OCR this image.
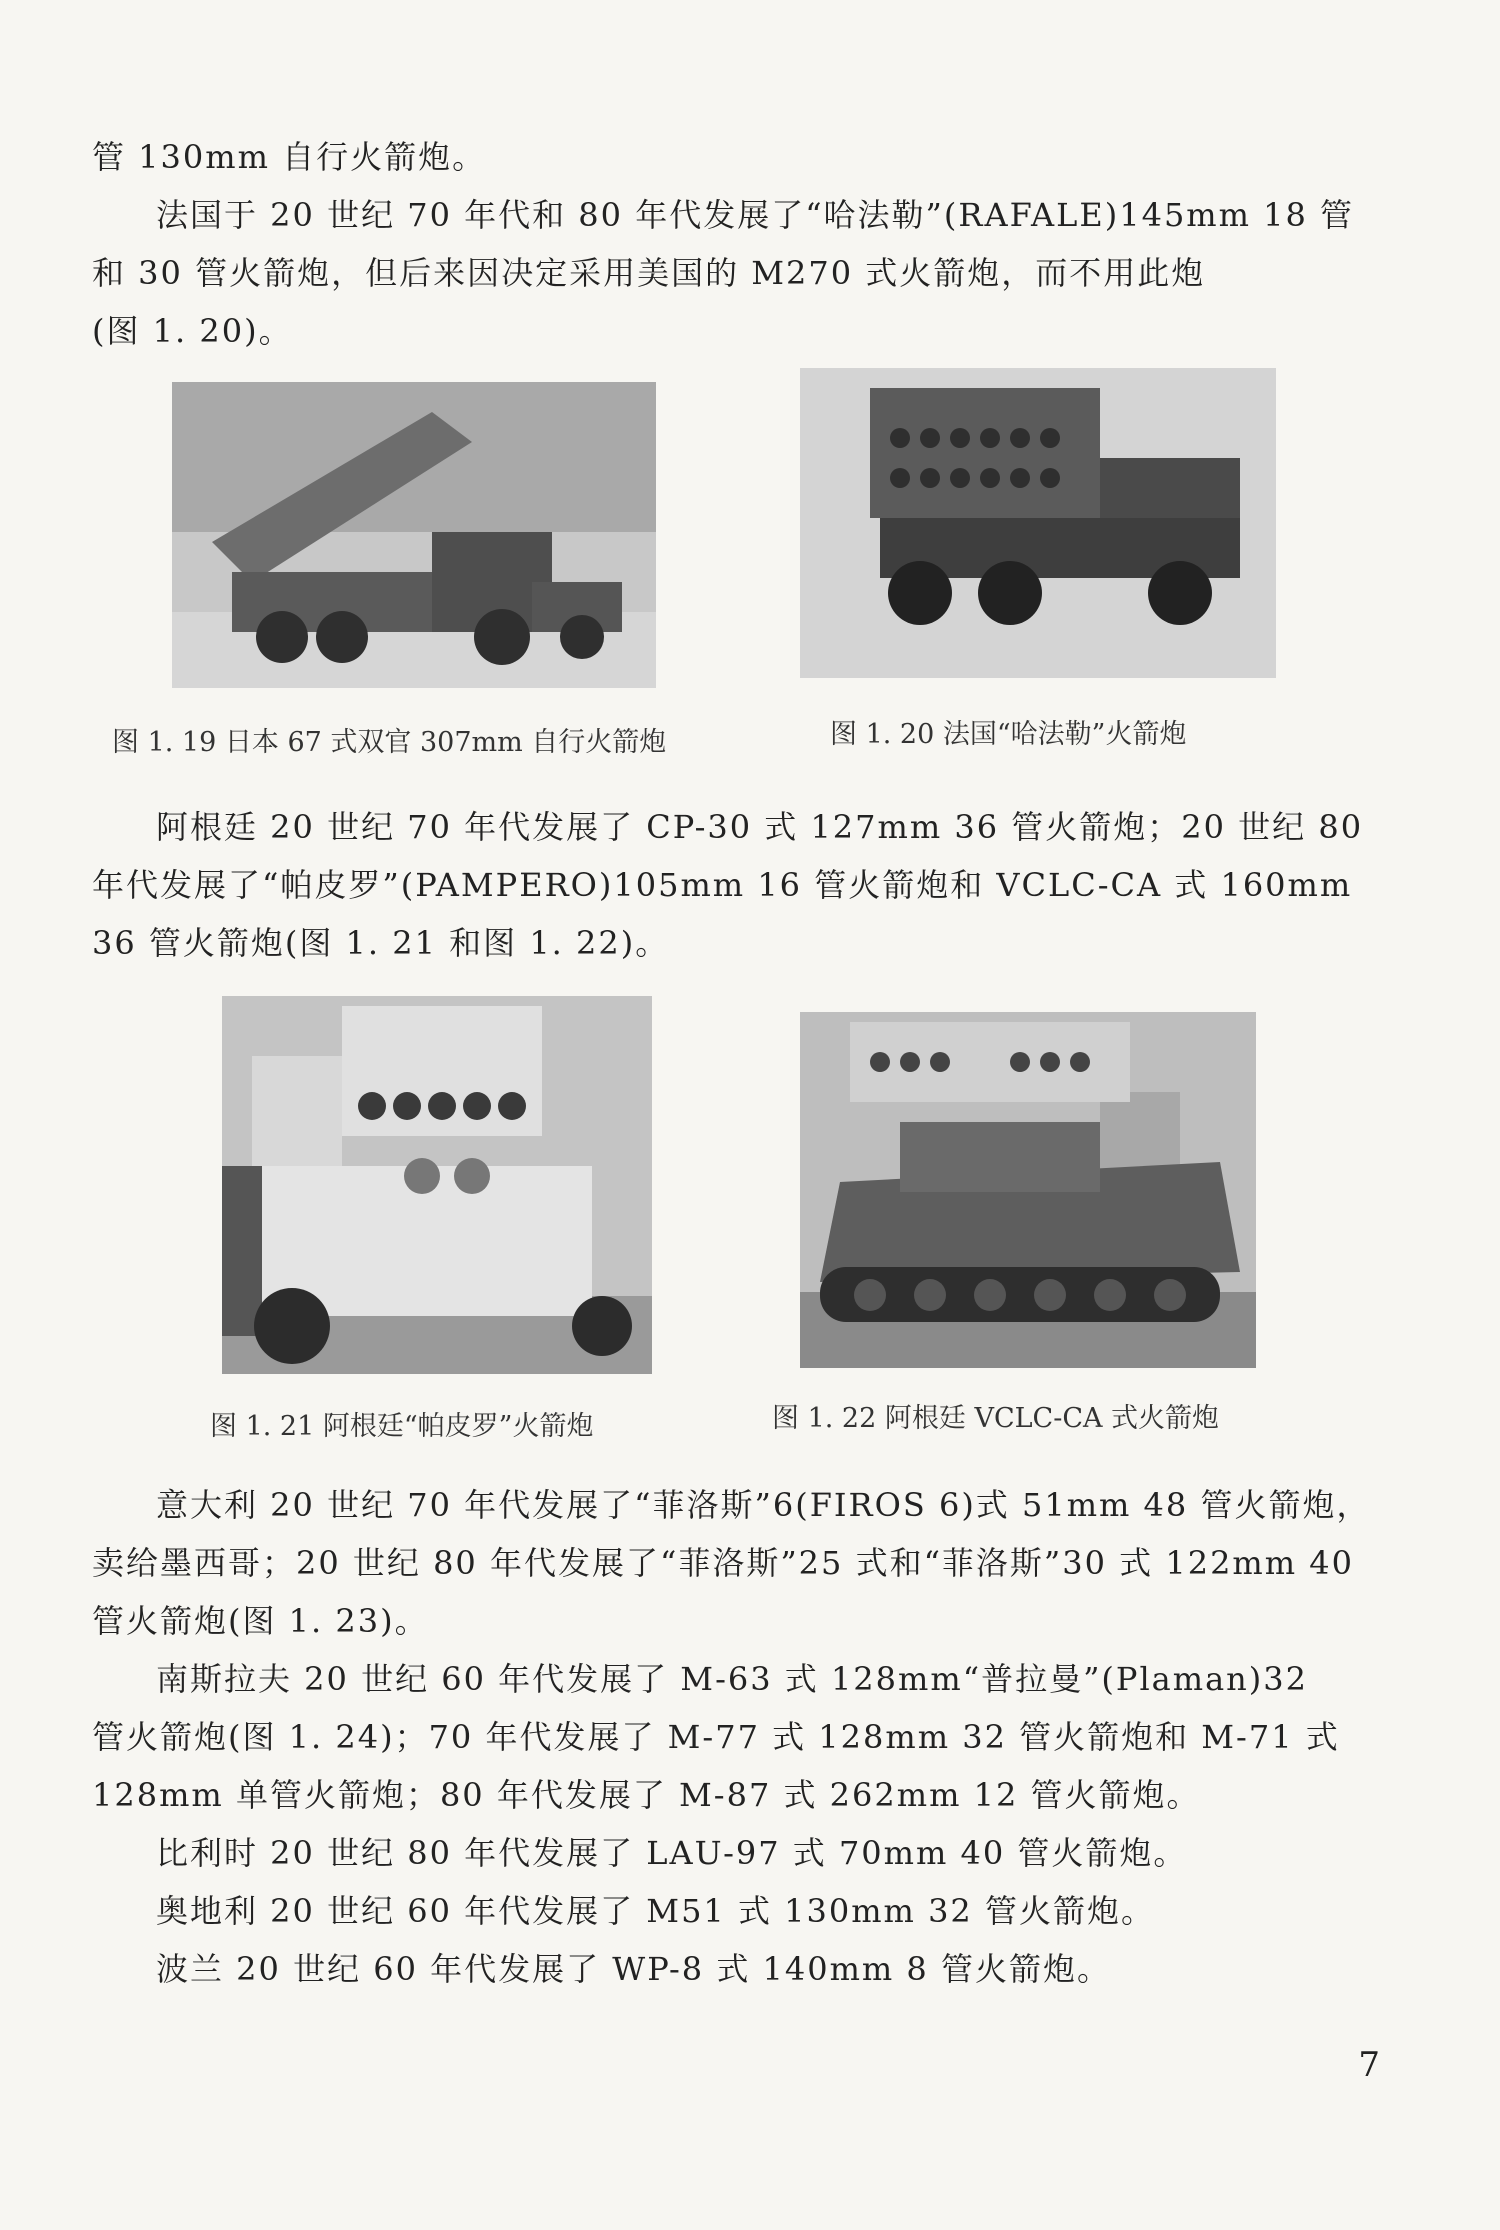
管 130mm 自行火箭炮。
法国于 20 世纪 70 年代和 80 年代发展了“哈法勒”(RAFALE)145mm 18 管
和 30 管火箭炮，但后来因决定采用美国的 M270 式火箭炮，而不用此炮
(图 1. 20)。
图 1. 19 日本 67 式双官 307mm 自行火箭炮	图 1. 20 法国“哈法勒”火箭炮
阿根廷 20 世纪 70 年代发展了 CP-30 式 127mm 36 管火箭炮；20 世纪 80
年代发展了“帕皮罗”(PAMPERO)105mm 16 管火箭炮和 VCLC-CA 式 160mm
36 管火箭炮(图 1. 21 和图 1. 22)。
图 1. 21 阿根廷“帕皮罗”火箭炮	图 1. 22 阿根廷 VCLC-CA 式火箭炮
意大利 20 世纪 70 年代发展了“菲洛斯”6(FIROS 6)式 51mm 48 管火箭炮，
卖给墨西哥；20 世纪 80 年代发展了“菲洛斯”25 式和“菲洛斯”30 式 122mm 40
管火箭炮(图 1. 23)。
南斯拉夫 20 世纪 60 年代发展了 M-63 式 128mm“普拉曼”(Plaman)32
管火箭炮(图 1. 24)；70 年代发展了 M-77 式 128mm 32 管火箭炮和 M-71 式
128mm 单管火箭炮；80 年代发展了 M-87 式 262mm 12 管火箭炮。
比利时 20 世纪 80 年代发展了 LAU-97 式 70mm 40 管火箭炮。
奥地利 20 世纪 60 年代发展了 M51 式 130mm 32 管火箭炮。
波兰 20 世纪 60 年代发展了 WP-8 式 140mm 8 管火箭炮。
7
